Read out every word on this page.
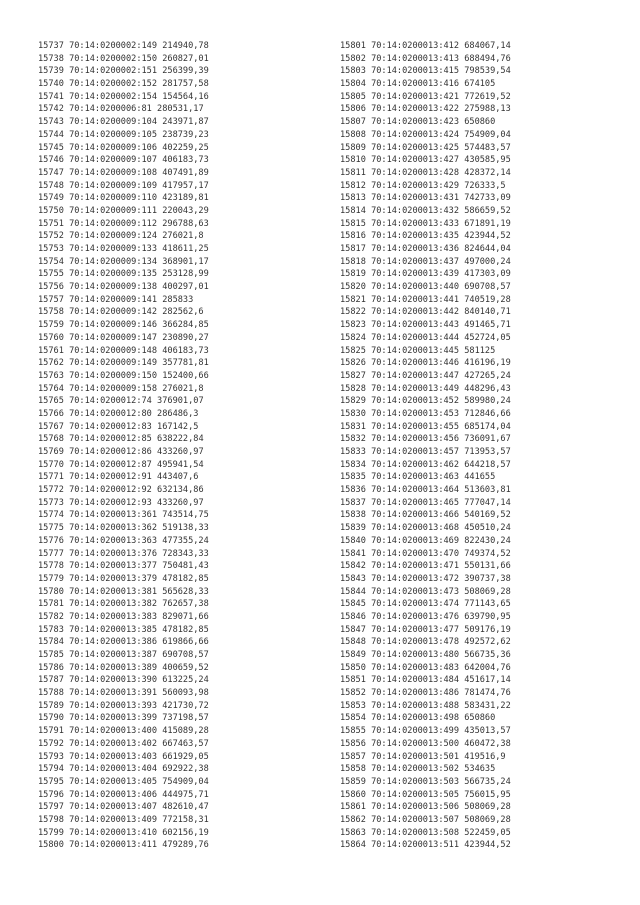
15737 70:14:0200002:149 214940,78
15738 70:14:0200002:150 260827,01
15739 70:14:0200002:151 256399,39
15740 70:14:0200002:152 281757,58
15741 70:14:0200002:154 154564,16
15742 70:14:0200006:81 280531,17
15743 70:14:0200009:104 243971,87
15744 70:14:0200009:105 238739,23
15745 70:14:0200009:106 402259,25
15746 70:14:0200009:107 406183,73
15747 70:14:0200009:108 407491,89
15748 70:14:0200009:109 417957,17
15749 70:14:0200009:110 423189,81
15750 70:14:0200009:111 220043,29
15751 70:14:0200009:112 296788,63
15752 70:14:0200009:124 276021,8
15753 70:14:0200009:133 418611,25
15754 70:14:0200009:134 368901,17
15755 70:14:0200009:135 253128,99
15756 70:14:0200009:138 400297,01
15757 70:14:0200009:141 285833
15758 70:14:0200009:142 282562,6
15759 70:14:0200009:146 366284,85
15760 70:14:0200009:147 230890,27
15761 70:14:0200009:148 406183,73
15762 70:14:0200009:149 357781,81
15763 70:14:0200009:150 152400,66
15764 70:14:0200009:158 276021,8
15765 70:14:0200012:74 376901,07
15766 70:14:0200012:80 286486,3
15767 70:14:0200012:83 167142,5
15768 70:14:0200012:85 638222,84
15769 70:14:0200012:86 433260,97
15770 70:14:0200012:87 495941,54
15771 70:14:0200012:91 443407,6
15772 70:14:0200012:92 632134,86
15773 70:14:0200012:93 433260,97
15774 70:14:0200013:361 743514,75
15775 70:14:0200013:362 519138,33
15776 70:14:0200013:363 477355,24
15777 70:14:0200013:376 728343,33
15778 70:14:0200013:377 750481,43
15779 70:14:0200013:379 478182,85
15780 70:14:0200013:381 565628,33
15781 70:14:0200013:382 762657,38
15782 70:14:0200013:383 829071,66
15783 70:14:0200013:385 478182,85
15784 70:14:0200013:386 619866,66
15785 70:14:0200013:387 690708,57
15786 70:14:0200013:389 400659,52
15787 70:14:0200013:390 613225,24
15788 70:14:0200013:391 560093,98
15789 70:14:0200013:393 421730,72
15790 70:14:0200013:399 737198,57
15791 70:14:0200013:400 415089,28
15792 70:14:0200013:402 667463,57
15793 70:14:0200013:403 661929,05
15794 70:14:0200013:404 692922,38
15795 70:14:0200013:405 754909,04
15796 70:14:0200013:406 444975,71
15797 70:14:0200013:407 482610,47
15798 70:14:0200013:409 772158,31
15799 70:14:0200013:410 602156,19
15800 70:14:0200013:411 479289,76
15801 70:14:0200013:412 684067,14
15802 70:14:0200013:413 688494,76
15803 70:14:0200013:415 798539,54
15804 70:14:0200013:416 674105
15805 70:14:0200013:421 772619,52
15806 70:14:0200013:422 275988,13
15807 70:14:0200013:423 650860
15808 70:14:0200013:424 754909,04
15809 70:14:0200013:425 574483,57
15810 70:14:0200013:427 430585,95
15811 70:14:0200013:428 428372,14
15812 70:14:0200013:429 726333,5
15813 70:14:0200013:431 742733,09
15814 70:14:0200013:432 586659,52
15815 70:14:0200013:433 671891,19
15816 70:14:0200013:435 423944,52
15817 70:14:0200013:436 824644,04
15818 70:14:0200013:437 497000,24
15819 70:14:0200013:439 417303,09
15820 70:14:0200013:440 690708,57
15821 70:14:0200013:441 740519,28
15822 70:14:0200013:442 840140,71
15823 70:14:0200013:443 491465,71
15824 70:14:0200013:444 452724,05
15825 70:14:0200013:445 581125
15826 70:14:0200013:446 416196,19
15827 70:14:0200013:447 427265,24
15828 70:14:0200013:449 448296,43
15829 70:14:0200013:452 589980,24
15830 70:14:0200013:453 712846,66
15831 70:14:0200013:455 685174,04
15832 70:14:0200013:456 736091,67
15833 70:14:0200013:457 713953,57
15834 70:14:0200013:462 644218,57
15835 70:14:0200013:463 441655
15836 70:14:0200013:464 513603,81
15837 70:14:0200013:465 777047,14
15838 70:14:0200013:466 540169,52
15839 70:14:0200013:468 450510,24
15840 70:14:0200013:469 822430,24
15841 70:14:0200013:470 749374,52
15842 70:14:0200013:471 550131,66
15843 70:14:0200013:472 390737,38
15844 70:14:0200013:473 508069,28
15845 70:14:0200013:474 771143,65
15846 70:14:0200013:476 639790,95
15847 70:14:0200013:477 509176,19
15848 70:14:0200013:478 492572,62
15849 70:14:0200013:480 566735,36
15850 70:14:0200013:483 642004,76
15851 70:14:0200013:484 451617,14
15852 70:14:0200013:486 781474,76
15853 70:14:0200013:488 583431,22
15854 70:14:0200013:498 650860
15855 70:14:0200013:499 435013,57
15856 70:14:0200013:500 460472,38
15857 70:14:0200013:501 419516,9
15858 70:14:0200013:502 534635
15859 70:14:0200013:503 566735,24
15860 70:14:0200013:505 756015,95
15861 70:14:0200013:506 508069,28
15862 70:14:0200013:507 508069,28
15863 70:14:0200013:508 522459,05
15864 70:14:0200013:511 423944,52
